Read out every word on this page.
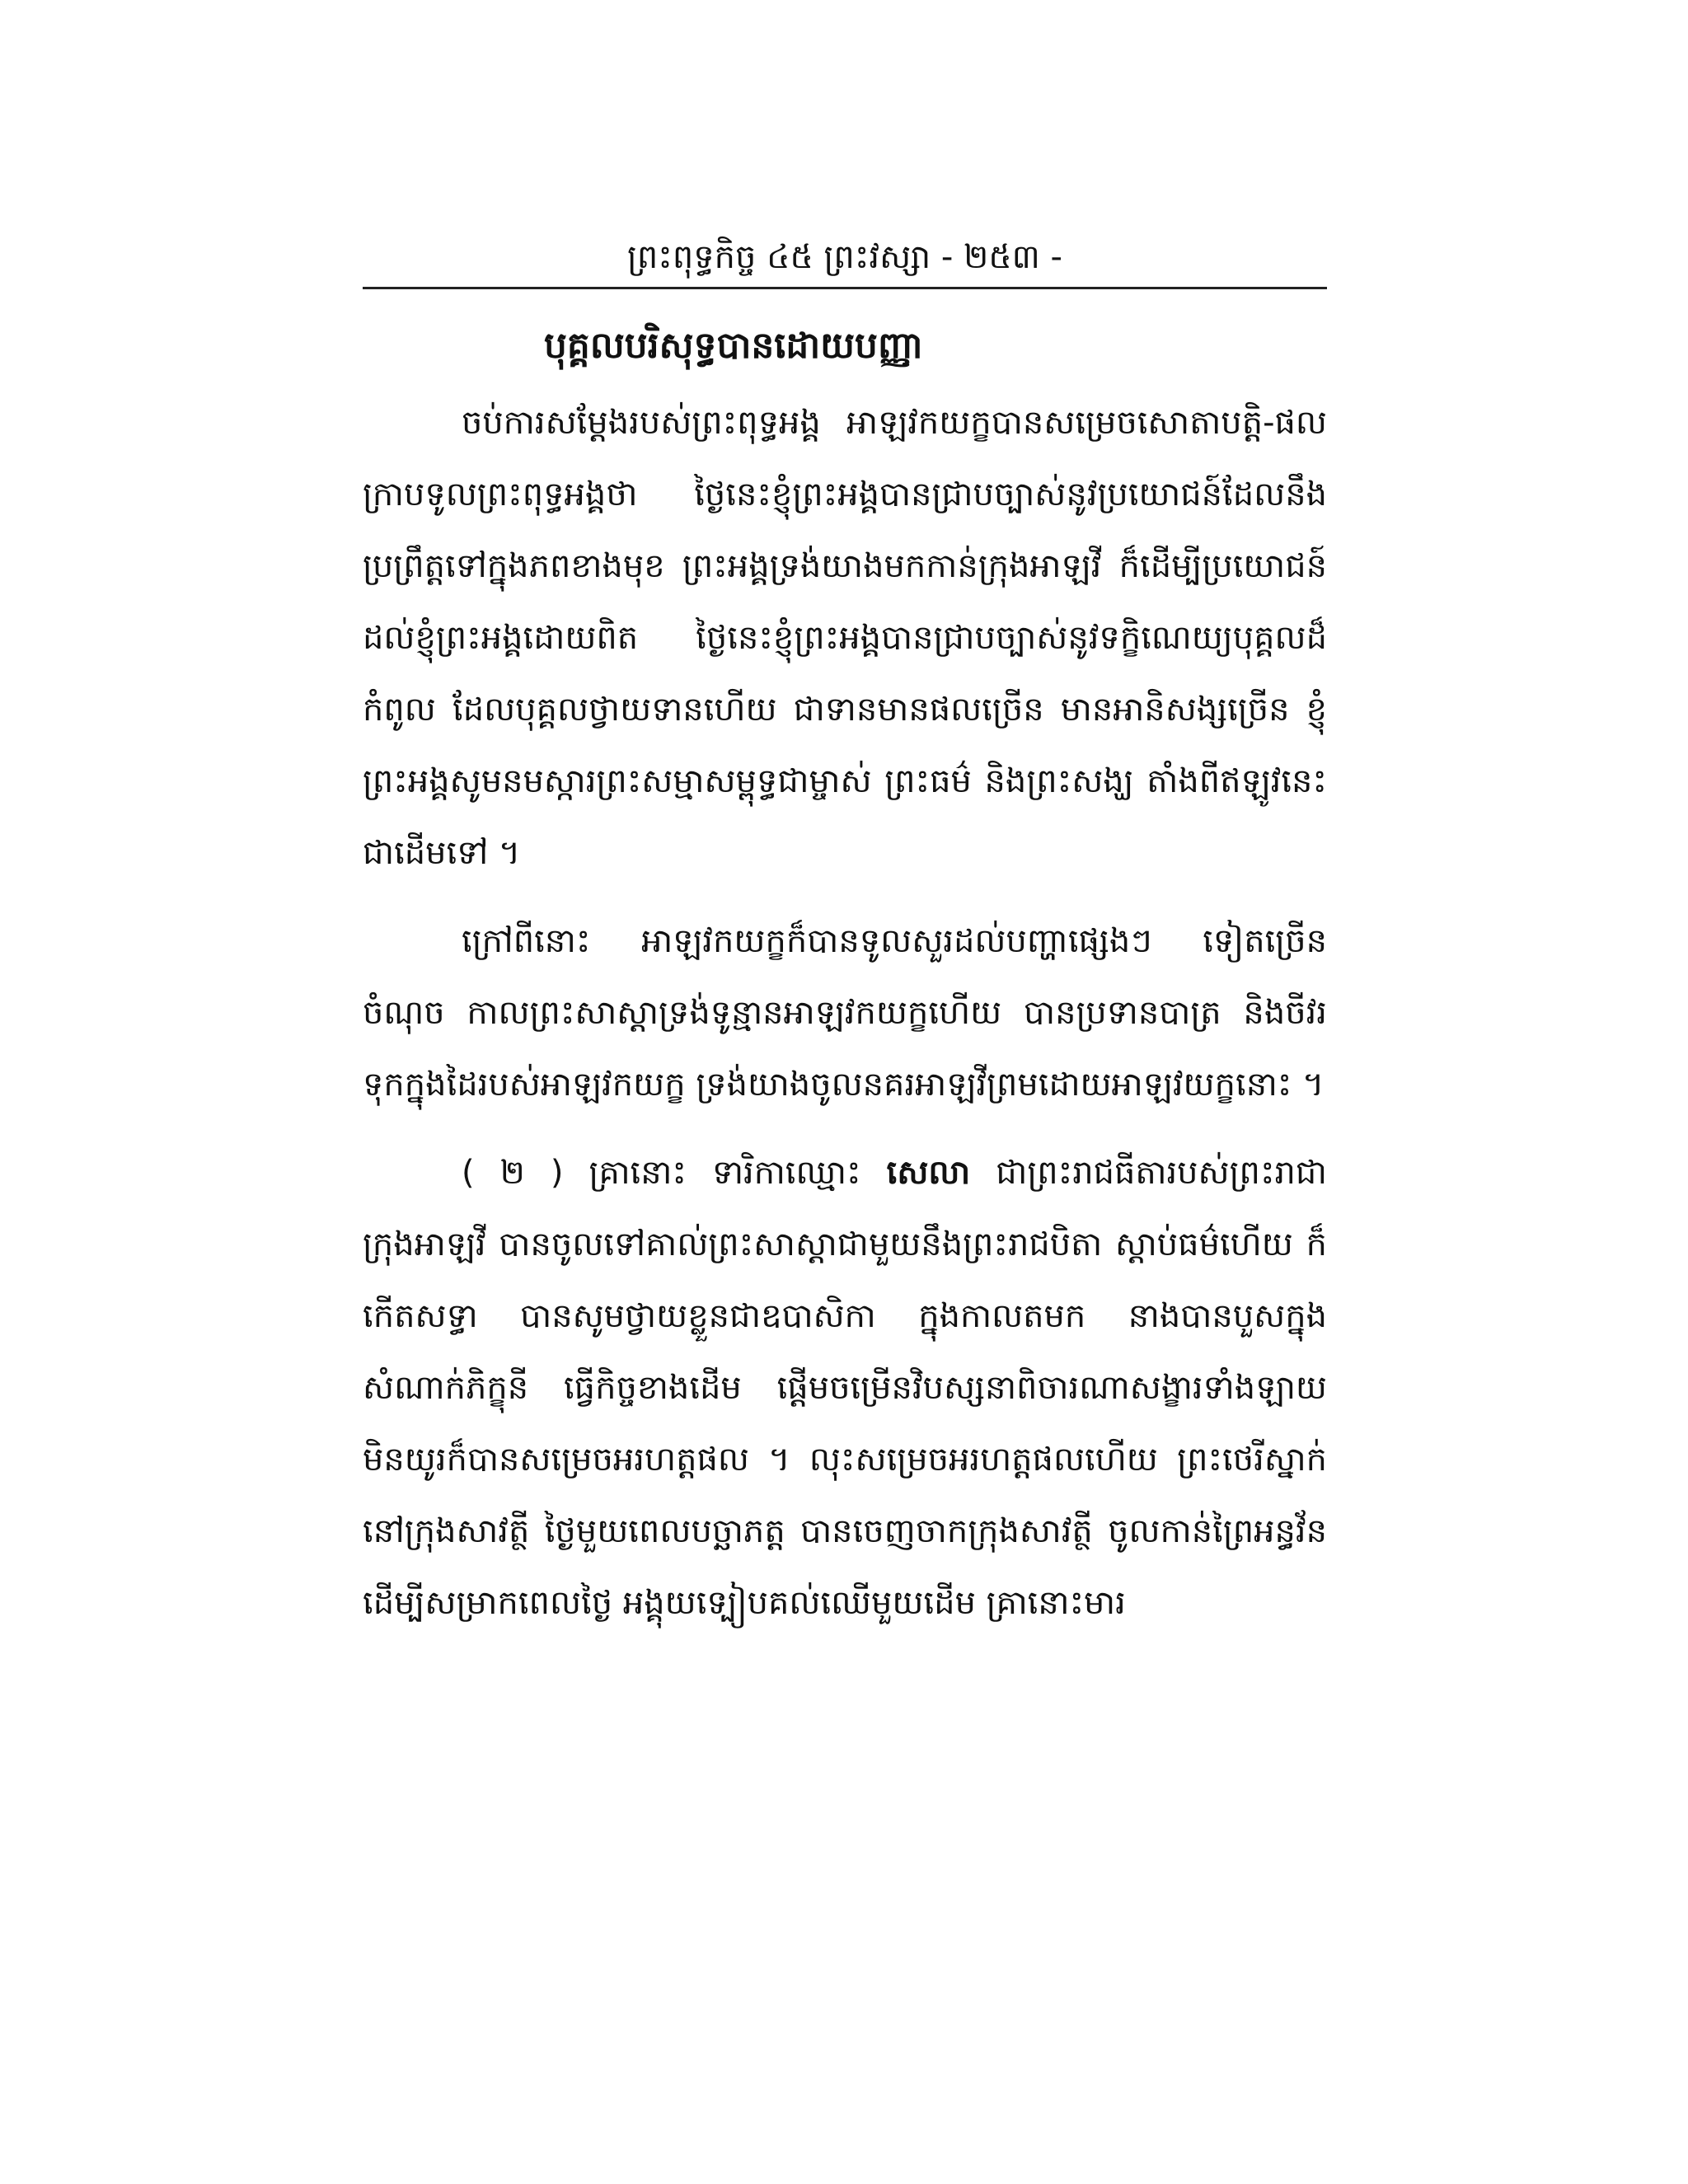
ព្រះពុទ្ធកិច្ច ៤៥ ព្រះវស្សា - ២៥៣ -
បុគ្គលបរិសុទ្ធបានដោយបញ្ញា

ចប់ការសម្ដែងរបស់ព្រះពុទ្ធអង្គ អាឡវកយក្ខបានសម្រេចសោតាបត្តិ-ផល ក្រាបទូលព្រះពុទ្ធអង្គថា ថ្ងៃនេះខ្ញុំព្រះអង្គបានជ្រាបច្បាស់នូវប្រយោជន៍ដែលនឹងប្រព្រឹត្តទៅក្នុងភពខាងមុខ ព្រះអង្គទ្រង់យាងមកកាន់ក្រុងអាឡវី ក៏ដើម្បីប្រយោជន៍ដល់ខ្ញុំព្រះអង្គដោយពិត ថ្ងៃនេះខ្ញុំព្រះអង្គបានជ្រាបច្បាស់នូវទក្ខិណេយ្យបុគ្គលដ៏កំពូល ដែលបុគ្គលថ្វាយទានហើយ ជាទានមានផលច្រើន មានអានិសង្សច្រើន ខ្ញុំព្រះអង្គសូមនមស្ការព្រះសម្មាសម្ពុទ្ធជាម្ចាស់ ព្រះធម៌ និងព្រះសង្ឃ តាំងពីឥឡូវនេះជាដើមទៅ ។

ក្រៅពីនោះ អាឡវកយក្ខក៏បានទូលសួរដល់បញ្ហាផ្សេងៗ ទៀតច្រើនចំណុច កាលព្រះសាស្ដាទ្រង់ទូន្មានអាឡវកយក្ខហើយ បានប្រទានបាត្រ និងចីវរទុកក្នុងដៃរបស់អាឡវកយក្ខ ទ្រង់យាងចូលនគរអាឡវីព្រមដោយអាឡវយក្ខនោះ ។

( ២ ) គ្រានោះ ទារិកាឈ្មោះ សេលា ជាព្រះរាជធីតារបស់ព្រះរាជាក្រុងអាឡវី បានចូលទៅគាល់ព្រះសាស្ដាជាមួយនឹងព្រះរាជបិតា ស្ដាប់ធម៌ហើយ ក៏កើតសទ្ធា បានសូមថ្វាយខ្លួនជាឧបាសិកា ក្នុងកាលតមក នាងបានបួសក្នុងសំណាក់ភិក្ខុនី ធ្វើកិច្ចខាងដើម ផ្ដើមចម្រើនវិបស្សនាពិចារណាសង្ខារទាំងឡាយ មិនយូរក៏បានសម្រេចអរហត្តផល ។ លុះសម្រេចអរហត្តផលហើយ ព្រះថេរីស្នាក់នៅក្រុងសាវត្ថី ថ្ងៃមួយពេលបច្ឆាភត្ត បានចេញចាកក្រុងសាវត្ថី ចូលកាន់ព្រៃអន្ធវ័ន ដើម្បីសម្រាកពេលថ្ងៃ អង្គុយទ្បៀបគល់ឈើមួយដើម គ្រានោះមារ
